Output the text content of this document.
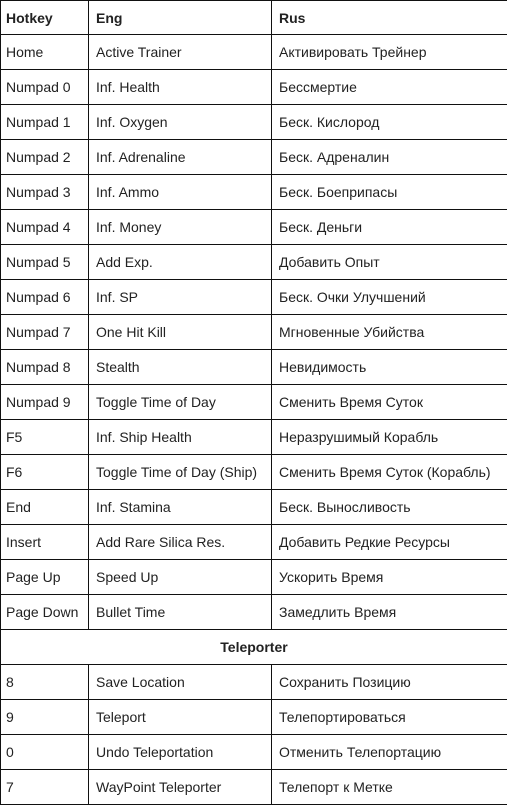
Hotkey	Eng	Rus
Home	Active Trainer	Активировать Трейнер
Numpad 0	Inf. Health	Бессмертие
Numpad 1	Inf. Oxygen	Беск. Кислород
Numpad 2	Inf. Adrenaline	Беск. Адреналин
Numpad 3	Inf. Ammo	Беск. Боеприпасы
Numpad 4	Inf. Money	Беск. Деньги
Numpad 5	Add Exp.	Добавить Опыт
Numpad 6	Inf. SP	Беск. Очки Улучшений
Numpad 7	One Hit Kill	Мгновенные Убийства
Numpad 8	Stealth	Невидимость
Numpad 9	Toggle Time of Day	Сменить Время Суток
F5	Inf. Ship Health	Неразрушимый Корабль
F6	Toggle Time of Day (Ship)	Сменить Время Суток (Корабль)
End	Inf. Stamina	Беск. Выносливость
Insert	Add Rare Silica Res.	Добавить Редкие Ресурсы
Page Up	Speed Up	Ускорить Время
Page Down	Bullet Time	Замедлить Время
Teleporter		
8	Save Location	Сохранить Позицию
9	Teleport	Телепортироваться
0	Undo Teleportation	Отменить Телепортацию
7	WayPoint Teleporter	Телепорт к Метке
